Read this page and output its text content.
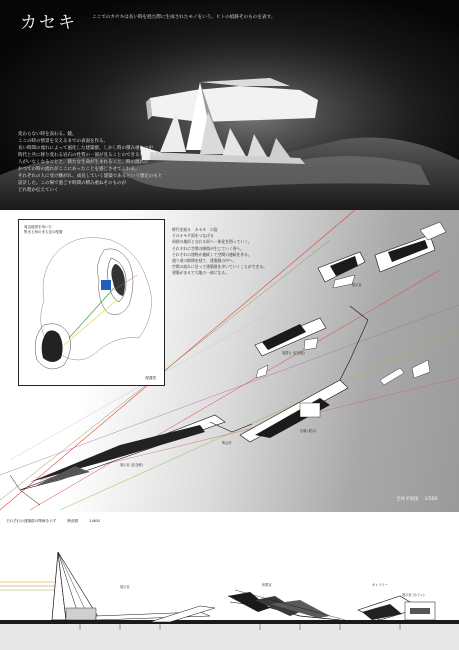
カセキ	ここでのカセキは長い時を経た際に生成されたモノをいう。ヒトの痕跡そのものを表す。
変わらない時を表わる。鏡。
ここの時の情景を交えるまでの表面を作る。
長い時間の流れによって風化した建築群。しかし時の積み重ねの中
時代と共に移り変わる岩石の性質の一部が見ることのできる空間である。
人がいなくなることと、新たな生命が生まれること。時の流れに
かつての時の流れがここにあったことを感じさせてくれる。
それぞれの人に受け継がれ、成長していく建築であるという想定のもと
設計した。この場で過ごす時間の積み重ねそのものが
どれ程か伝えていく
周辺地図を用いた
集まる形のまち並の配置
配置図
時代を経る　カセキ　の島
そのオモテ面をつなげる
周囲の地形と交わる形へ一体化を図っていく。
それぞれに空間の隙間が生じていく形へ。
それぞれの建物が連続して空間の連続を作る。
通り道の隙間を経て、建築群の中へ、
空間の流れに沿って建築群を歩いていくことができる。
建築がまるで大地の一部になる。
展望台 (記念館)
展示室
広場 (展示)
展示室 (記念館)
集会所
全体平面図 1/500
それぞれの建築群の関係を示す	断面図	1/400
展示室	休憩室	ギャラリー
展示室 (カフェ)
